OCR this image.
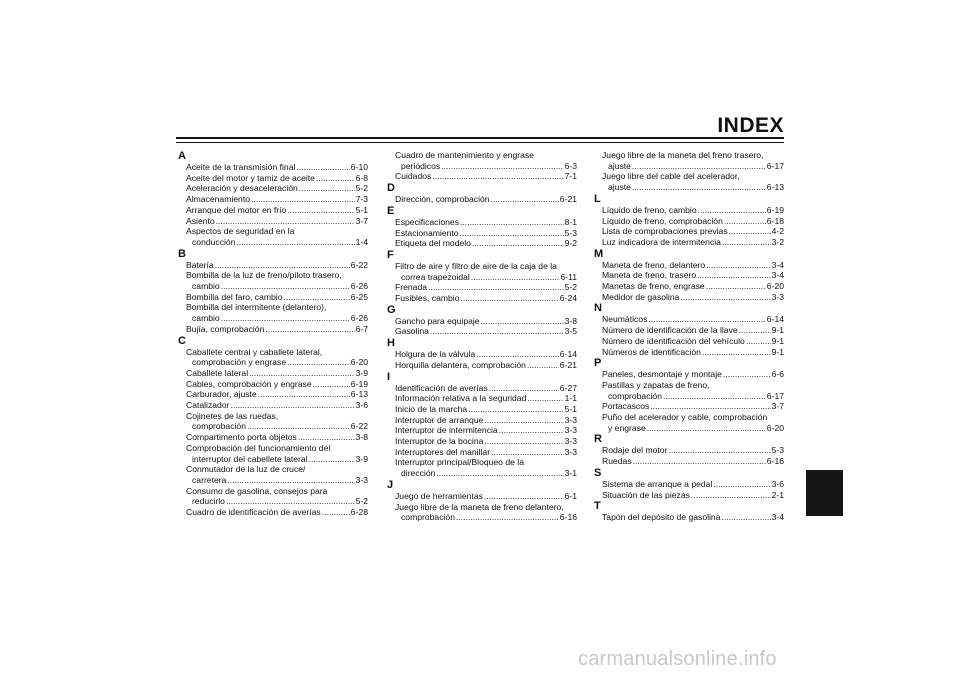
INDEX
A
Aceite de la transmisión final .....	6-10
Aceite del motor y tamiz de aceite .....	6-8
Aceleración y desaceleración .....	5-2
Almacenamiento .....	7-3
Arranque del motor en frío .....	5-1
Asiento .....	3-7
Aspectos de seguridad en la
conducción .....	1-4
B
Batería .....	6-22
Bombilla de la luz de freno/piloto trasero,
cambio .....	6-26
Bombilla del faro, cambio .....	6-25
Bombilla del intermitente (delantero),
cambio .....	6-26
Bujía, comprobación .....	6-7
C
Caballete central y caballete lateral,
comprobación y engrase .....	6-20
Caballete lateral .....	3-9
Cables, comprobación y engrase .....	6-19
Carburador, ajuste .....	6-13
Catalizador .....	3-6
Cojinetes de las ruedas,
comprobación .....	6-22
Compartimento porta objetos .....	3-8
Comprobación del funcionamiento del
interruptor del cabellete lateral .....	3-9
Conmutador de la luz de cruce/
carretera .....	3-3
Consumo de gasolina, consejos para
reducirlo .....	5-2
Cuadro de identificación de averías .....	6-28
Cuadro de mantenimiento y engrase
periódicos .....	6-3
Cuidados .....	7-1
D
Dirección, comprobación .....	6-21
E
Especificaciones .....	8-1
Estacionamiento .....	5-3
Etiqueta del modelo .....	9-2
F
Filtro de aire y filtro de aire de la caja de la
correa trapezoidal .....	6-11
Frenada .....	5-2
Fusibles, cambio .....	6-24
G
Gancho para equipaje .....	3-8
Gasolina .....	3-5
H
Holgura de la válvula .....	6-14
Horquilla delantera, comprobación .....	6-21
I
Identificación de averías .....	6-27
Información relativa a la seguridad .....	1-1
Inicio de la marcha .....	5-1
Interruptor de arranque .....	3-3
Interruptor de intermitencia .....	3-3
Interruptor de la bocina .....	3-3
Interruptores del manillar .....	3-3
Interruptor principal/Bloqueo de la
dirección .....	3-1
J
Juego de herramientas .....	6-1
Juego libre de la maneta de freno delantero,
comprobación .....	6-16
Juego libre de la maneta del freno trasero,
ajuste .....	6-17
Juego libre del cable del acelerador,
ajuste .....	6-13
L
Líquido de freno, cambio .....	6-19
Líquido de freno, comprobación .....	6-18
Lista de comprobaciones previas .....	4-2
Luz indicadora de intermitencia .....	3-2
M
Maneta de freno, delantero .....	3-4
Maneta de freno, trasero .....	3-4
Manetas de freno, engrase .....	6-20
Medidor de gasolina .....	3-3
N
Neumáticos .....	6-14
Número de identificación de la llave .....	9-1
Número de identificación del vehículo .....	9-1
Números de identificación .....	9-1
P
Paneles, desmontaje y montaje .....	6-6
Pastillas y zapatas de freno,
comprobación .....	6-17
Portacascos .....	3-7
Puño del acelerador y cable, comprobación
y engrase .....	6-20
R
Rodaje del motor .....	5-3
Ruedas .....	6-16
S
Sistema de arranque a pedal .....	3-6
Situación de las piezas .....	2-1
T
Tapón del depósito de gasolina .....	3-4
carmanualsonline.info
